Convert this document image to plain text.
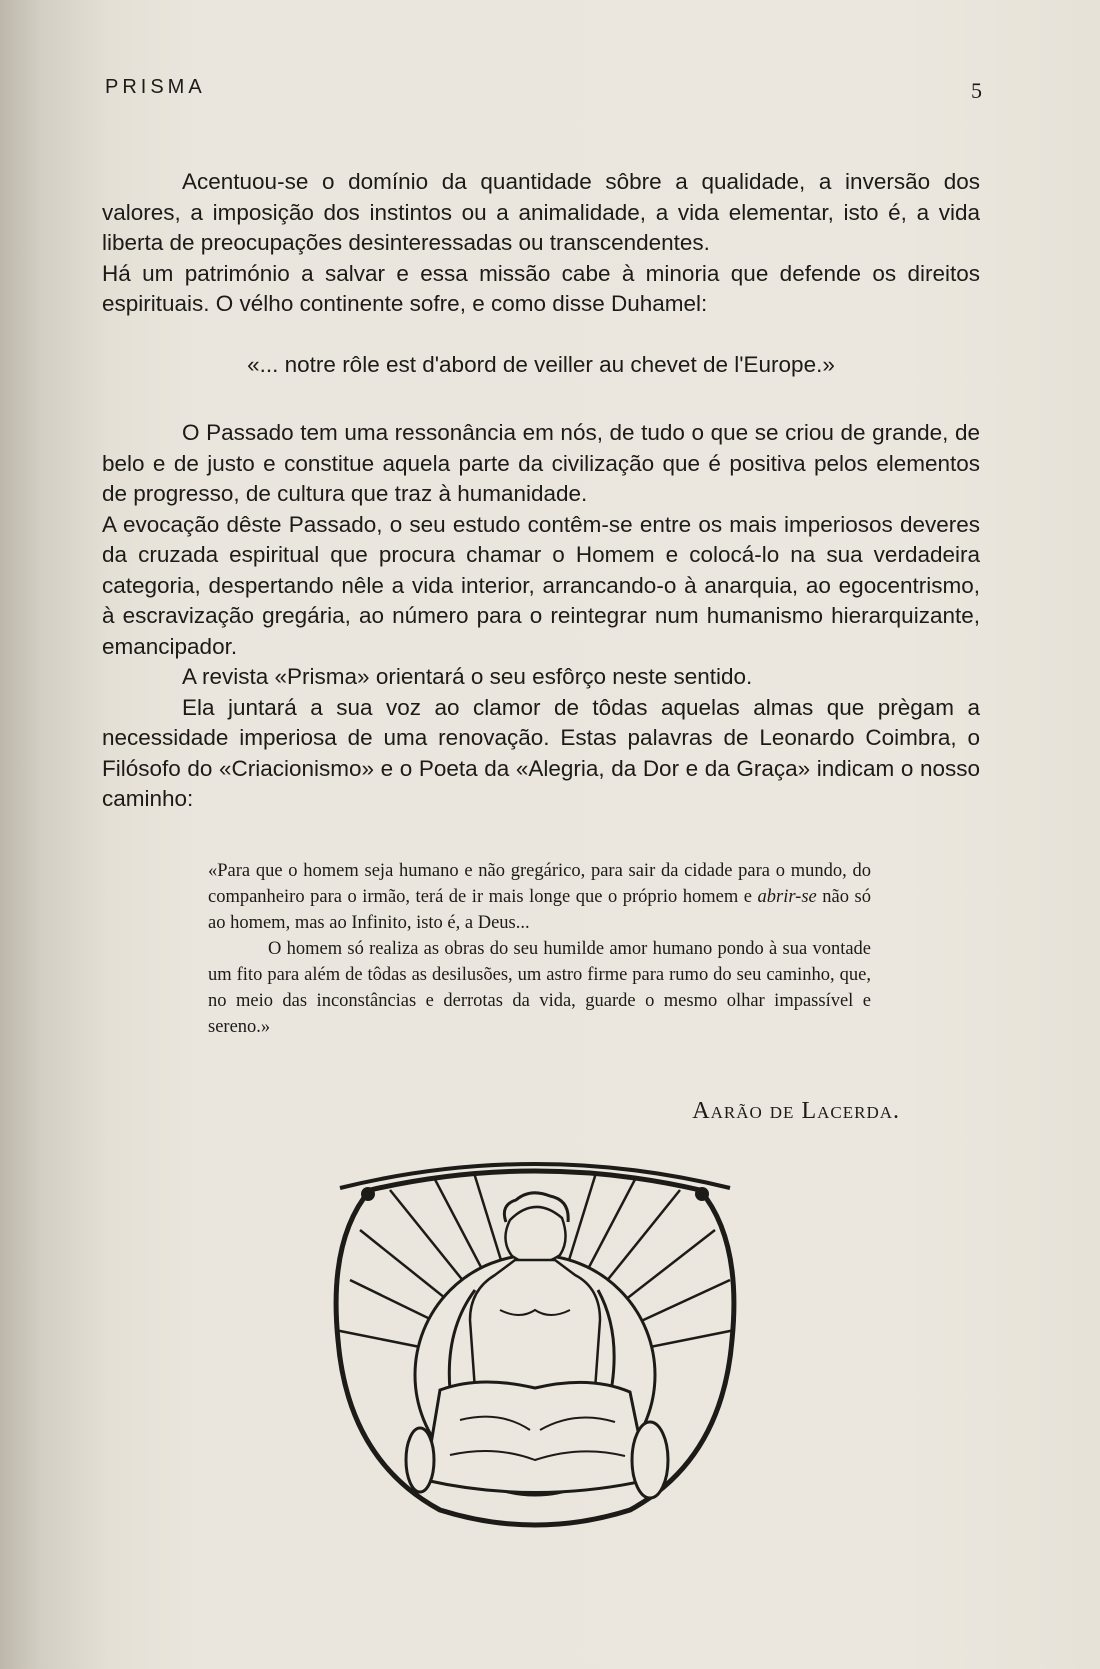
PRISMA	5

Acentuou-se o domínio da quantidade sôbre a qualidade, a inversão dos valores, a imposição dos instintos ou a animalidade, a vida elementar, isto é, a vida liberta de preocupações desinteressadas ou transcendentes.

Há um património a salvar e essa missão cabe à minoria que defende os direitos espirituais. O vélho continente sofre, e como disse Duhamel:

«... notre rôle est d'abord de veiller au chevet de l'Europe.»

O Passado tem uma ressonância em nós, de tudo o que se criou de grande, de belo e de justo e constitue aquela parte da civilização que é positiva pelos elementos de progresso, de cultura que traz à humanidade.

A evocação dêste Passado, o seu estudo contêm-se entre os mais imperiosos deveres da cruzada espiritual que procura chamar o Homem e colocá-lo na sua verdadeira categoria, despertando nêle a vida interior, arrancando-o à anarquia, ao egocentrismo, à escravização gregária, ao número para o reintegrar num humanismo hierarquizante, emancipador.

A revista «Prisma» orientará o seu esfôrço neste sentido.

Ela juntará a sua voz ao clamor de tôdas aquelas almas que prègam a necessidade imperiosa de uma renovação. Estas palavras de Leonardo Coimbra, o Filósofo do «Criacionismo» e o Poeta da «Alegria, da Dor e da Graça» indicam o nosso caminho:

«Para que o homem seja humano e não gregárico, para sair da cidade para o mundo, do companheiro para o irmão, terá de ir mais longe que o próprio homem e abrir-se não só ao homem, mas ao Infinito, isto é, a Deus...

O homem só realiza as obras do seu humilde amor humano pondo à sua vontade um fito para além de tôdas as desilusões, um astro firme para rumo do seu caminho, que, no meio das inconstâncias e derrotas da vida, guarde o mesmo olhar impassível e sereno.»

Aarão de Lacerda.
